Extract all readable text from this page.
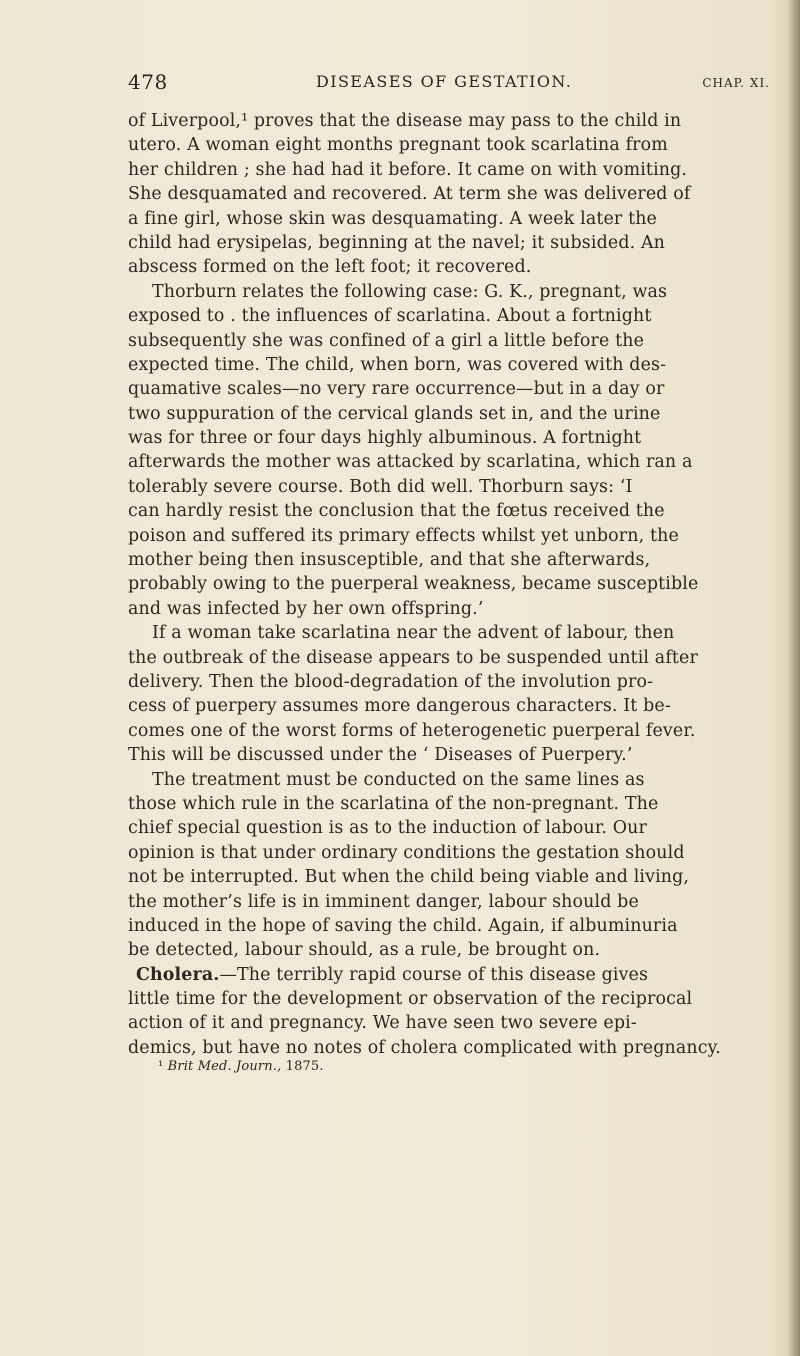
478	DISEASES OF GESTATION.	CHAP. XI.
of Liverpool,¹ proves that the disease may pass to the child in
utero. A woman eight months pregnant took scarlatina from
her children ; she had had it before. It came on with vomiting.
She desquamated and recovered. At term she was delivered of
a fine girl, whose skin was desquamating. A week later the
child had erysipelas, beginning at the navel; it subsided. An
abscess formed on the left foot; it recovered.
Thorburn relates the following case: G. K., pregnant, was
exposed to . the influences of scarlatina. About a fortnight
subsequently she was confined of a girl a little before the
expected time. The child, when born, was covered with des-
quamative scales—no very rare occurrence—but in a day or
two suppuration of the cervical glands set in, and the urine
was for three or four days highly albuminous. A fortnight
afterwards the mother was attacked by scarlatina, which ran a
tolerably severe course. Both did well. Thorburn says: ‘I
can hardly resist the conclusion that the fœtus received the
poison and suffered its primary effects whilst yet unborn, the
mother being then insusceptible, and that she afterwards,
probably owing to the puerperal weakness, became susceptible
and was infected by her own offspring.’
If a woman take scarlatina near the advent of labour, then
the outbreak of the disease appears to be suspended until after
delivery. Then the blood-degradation of the involution pro-
cess of puerpery assumes more dangerous characters. It be-
comes one of the worst forms of heterogenetic puerperal fever.
This will be discussed under the ‘ Diseases of Puerpery.’
The treatment must be conducted on the same lines as
those which rule in the scarlatina of the non-pregnant. The
chief special question is as to the induction of labour. Our
opinion is that under ordinary conditions the gestation should
not be interrupted. But when the child being viable and living,
the mother’s life is in imminent danger, labour should be
induced in the hope of saving the child. Again, if albuminuria
be detected, labour should, as a rule, be brought on.
Cholera.—The terribly rapid course of this disease gives
little time for the development or observation of the reciprocal
action of it and pregnancy. We have seen two severe epi-
demics, but have no notes of cholera complicated with pregnancy.
¹ Brit Med. Journ., 1875.
